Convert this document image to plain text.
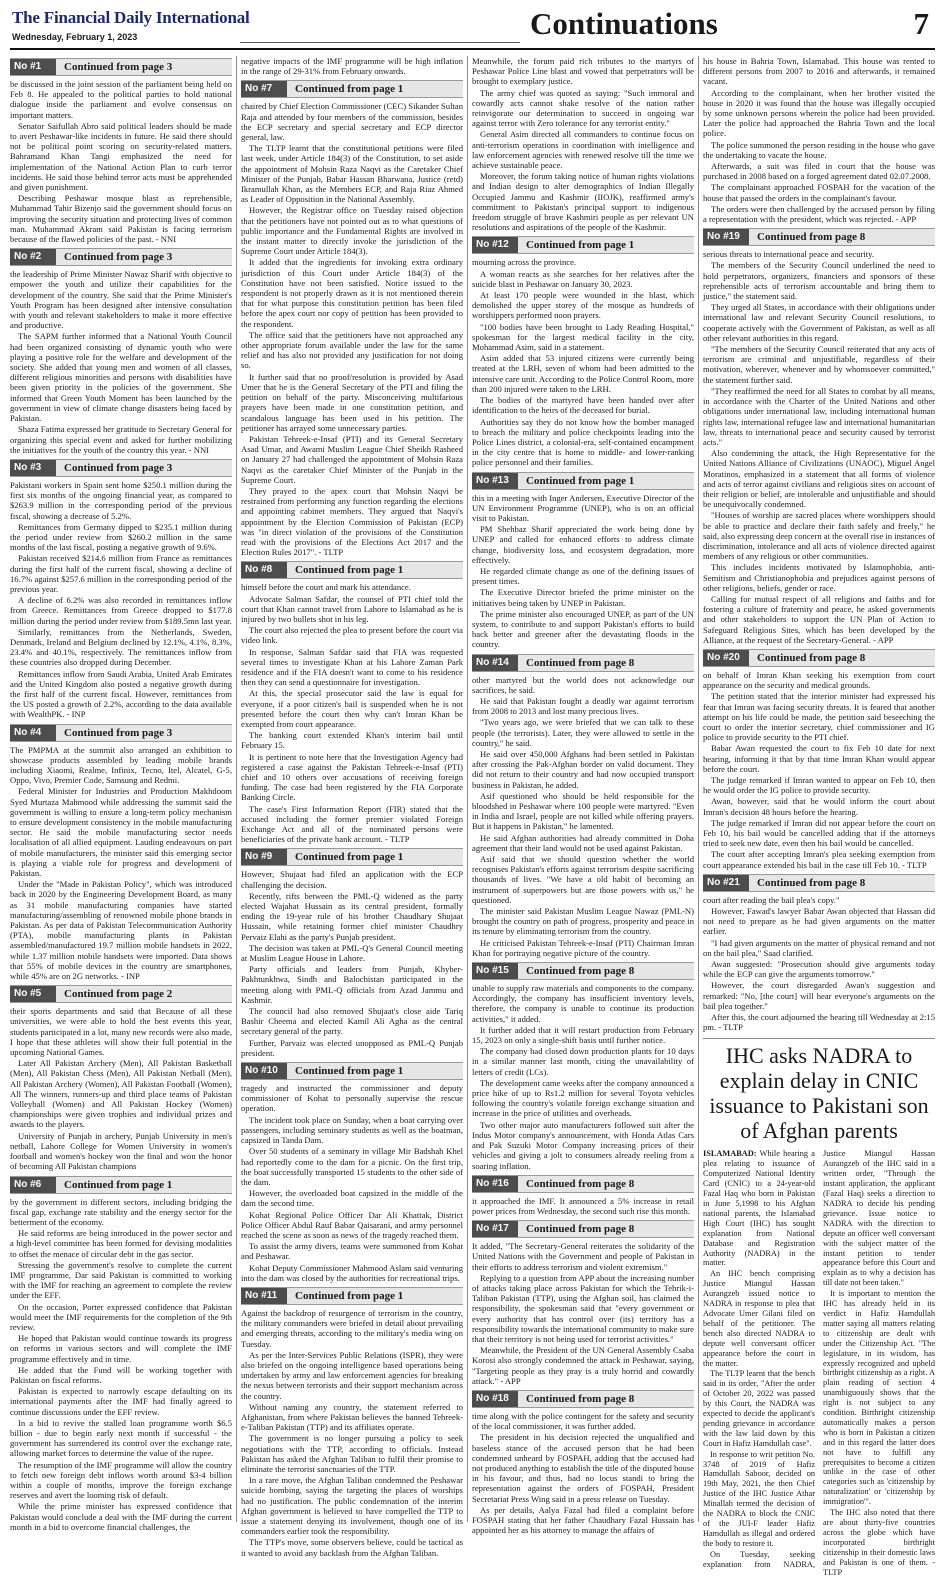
The Financial Daily International
Wednesday, February 1, 2023	Continuations	7
No #1	Continued from page 3

be discussed in the joint session of the parliament being held on Feb 8. He appealed to the political parties to hold national dialogue inside the parliament and evolve consensus on important matters.

Senator Saifullah Abro said political leaders should be made to avert Peshawar-like incidents in future. He said there should not be political point scoring on security-related matters. Bahramand Khan Tangi emphasized the need for implementation of the National Action Plan to curb terror incidents. He said those behind terror acts must be apprehended and given punishment.

Describing Peshawar mosque blast as reprehensible, Muhammad Tahir Bizenjo said the government should focus on improving the security situation and protecting lives of common man. Muhammad Akram said Pakistan is facing terrorism because of the flawed policies of the past. - NNI

No #2	Continued from page 3

the leadership of Prime Minister Nawaz Sharif with objective to empower the youth and utilize their capabilities for the development of the country. She said that the Prime Minister's Youth Program has been designed after intensive consultation with youth and relevant stakeholders to make it more effective and productive.

The SAPM further informed that a National Youth Council had been organized consisting of dynamic youth who were playing a positive role for the welfare and development of the society. She added that young men and women of all classes, different religious minorities and persons with disabilities have been given priority in the policies of the government. She informed that Green Youth Moment has been launched by the government in view of climate change disasters being faced by Pakistan.

Shaza Fatima expressed her gratitude to Secretary General for organizing this special event and asked for further mobilizing the initiatives for the youth of the country this year. - NNI

No #3	Continued from page 3

Pakistani workers in Spain sent home $250.1 million during the first six months of the ongoing financial year, as compared to $263.9 million in the corresponding period of the previous fiscal, showing a decrease of 5.2%.

Remittances from Germany dipped to $235.1 million during the period under review from $260.2 million in the same months of the last fiscal, posting a negative growth of 9.6%.

Pakistan received $214.6 million from France as remittances during the first half of the current fiscal, showing a decline of 16.7% against $257.6 million in the corresponding period of the previous year.

A decline of 6.2% was also recorded in remittances inflow from Greece. Remittances from Greece dropped to $177.8 million during the period under review from $189.5mn last year.

Similarly, remittances from the Netherlands, Sweden, Denmark, Ireland and Belgium declined by 12.1%, 4.1%, 8.3%, 23.4% and 40.1%, respectively. The remittances inflow from these countries also dropped during December.

Remittances inflow from Saudi Arabia, United Arab Emirates and the United Kingdom also posted a negative growth during the first half of the current fiscal. However, remittances from the US posted a growth of 2.2%, according to the data available with WealthPK. - INP

No #4	Continued from page 3

The PMPMA at the summit also arranged an exhibition to showcase products assembled by leading mobile brands including Xiaomi, Realme, Infinix, Tecno, Itel, Alcatel, G-5, Oppo, Vivo, Premier Code, Samsung and Redmi.

Federal Minister for Industries and Production Makhdoom Syed Murtaza Mahmood while addressing the summit said the government is willing to ensure a long-term policy mechanism to ensure development consistency in the mobile manufacturing sector. He said the mobile manufacturing sector needs localisation of all allied equipment. Lauding endeavours on part of mobile manufacturers, the minister said this emerging sector is playing a viable role for progress and development of Pakistan.

Under the "Made in Pakistan Policy", which was introduced back in 2020 by the Engineering Development Board, as many as 31 mobile manufacturing companies have started manufacturing/assembling of renowned mobile phone brands in Pakistan. As per data of Pakistan Telecommunication Authority (PTA), mobile manufacturing plants in Pakistan assembled/manufactured 19.7 million mobile handsets in 2022, while 1.37 million mobile handsets were imported. Data shows that 55% of mobile devices in the country are smartphones, while 45% are on 2G networks. - INP

No #5	Continued from page 2

their sports departments and said that Because of all these universities, we were able to hold the best events this year, students participated in a lot, many new records were also made, I hope that these athletes will show their full potential in the upcoming National Games.

Later All Pakistan Archery (Men), All Pakistan Basketball (Men), All Pakistan Chess (Men), All Pakistan Netball (Men), All Pakistan Archery (Women), All Pakistan Football (Women), All The winners, runners-up and third place teams of Pakistan Volleyball (Women) and All Pakistan Hockey (Women) championships were given trophies and individual prizes and awards to the players.

University of Punjab in archery, Punjab University in men's netball, Lahore College for Women University in women's football and women's hockey won the final and won the honor of becoming All Pakistan champions

No #6	Continued from page 1

by the government in different sectors, including bridging the fiscal gap, exchange rate stability and the energy sector for the betterment of the economy.

He said reforms are being introduced in the power sector and a high-level committee has been formed for devising modalities to offset the menace of circular debt in the gas sector.

Stressing the government's resolve to complete the current IMF programme, Dar said Pakistan is committed to working with the IMF for reaching an agreement to complete the review under the EFF.

On the occasion, Porter expressed confidence that Pakistan would meet the IMF requirements for the completion of the 9th review.

He hoped that Pakistan would continue towards its progress on reforms in various sectors and will complete the IMF programme effectively and in time.

He added that the Fund will be working together with Pakistan on fiscal reforms.

Pakistan is expected to narrowly escape defaulting on its international payments after the IMF had finally agreed to continue discussions under the EFF review.

In a bid to revive the stalled loan programme worth $6.5 billion - due to begin early next month if successful - the government has surrendered its control over the exchange rate, allowing market forces to determine the value of the rupee.

The resumption of the IMF programme will allow the country to fetch new foreign debt inflows worth around $3-4 billion within a couple of months, improve the foreign exchange reserves and avert the looming risk of default.

While the prime minister has expressed confidence that Pakistan would conclude a deal with the IMF during the current month in a bid to overcome financial challenges, the

negative impacts of the IMF programme will be high inflation in the range of 29-31% from February onwards.

No #7	Continued from page 1

chaired by Chief Election Commissioner (CEC) Sikander Sultan Raja and attended by four members of the commission, besides the ECP secretary and special secretary and ECP director general, law.

The TLTP learnt that the constitutional petitions were filed last week, under Article 184(3) of the Constitution, to set aside the appointment of Mohsin Raza Naqvi as the Caretaker Chief Minister of the Punjab, Babar Hassan Bharwana, Justice (retd) Ikramullah Khan, as the Members ECP, and Raja Riaz Ahmed as Leader of Opposition in the National Assembly.

However, the Registrar office on Tuesday raised objection that the petitioners have not pointed out as to what questions of public importance and the Fundamental Rights are involved in the instant matter to directly invoke the jurisdiction of the Supreme Court under Article 184(3).

It added that the ingredients for invoking extra ordinary jurisdiction of this Court under Article 184(3) of the Constitution have not been satisfied. Notice issued to the respondent is not properly drawn as it is not mentioned therein that for what purpose this constitution petition has been filed before the apex court nor copy of petition has been provided to the respondent.

The office said that the petitioners have not approached any other appropriate forum available under the law for the same relief and has also not provided any justification for not doing so.

It further said that no proof/resolution is provided by Asad Umer that he is the General Secretary of the PTI and filing the petition on behalf of the party. Misconceiving multifarious prayers have been made in one constitution petition, and scandalous language has been used in his petition. The petitioner has arrayed some unnecessary parties.

Pakistan Tehreek-e-Insaf (PTI) and its General Secretary Asad Umar, and Awami Muslim League Chief Sheikh Rasheed on January 27 had challenged the appointment of Mohsin Raza Naqvi as the caretaker Chief Minister of the Punjab in the Supreme Court.

They prayed to the apex court that Mohsin Naqvi be restrained from performing any function regarding the elections and appointing cabinet members. They argued that Naqvi's appointment by the Election Commission of Pakistan (ECP) was "in direct violation of the provisions of the Constitution read with the provisions of the Elections Act 2017 and the Election Rules 2017". - TLTP

No #8	Continued from page 1

himself before the court and mark his attendance.

Advocate Salman Safdar, the counsel of PTI chief told the court that Khan cannot travel from Lahore to Islamabad as he is injured by two bullets shot in his leg.

The court also rejected the plea to present before the court via video link.

In response, Salman Safdar said that FIA was requested several times to investigate Khan at his Lahore Zaman Park residence and if the FIA doesn't want to come to his residence then they can send a questionnaire for investigation.

At this, the special prosecutor said the law is equal for everyone, if a poor citizen's bail is suspended when he is not presented before the court then why can't Imran Khan be exempted from court appearance.

The banking court extended Khan's interim bail until February 15.

It is pertinent to note here that the Investigation Agency had registered a case against the Pakistan Tehreek-e-Insaf (PTI) chief and 10 others over accusations of receiving foreign funding. The case had been registered by the FIA Corporate Banking Circle.

The case's First Information Report (FIR) stated that the accused including the former premier violated Foreign Exchange Act and all of the nominated persons were beneficiaries of the private bank account. - TLTP

No #9	Continued from page 1

However, Shujaat had filed an application with the ECP challenging the decision.

Recently, rifts between the PML-Q widened as the party elected Wajahat Hussain as its central president, formally ending the 19-year rule of his brother Chaudhary Shujaat Hussain, while retaining former chief minister Chaudhry Pervaiz Elahi as the party's Punjab president.

The decision was taken at PML-Q's General Council meeting at Muslim League House in Lahore.

Party officials and leaders from Punjab, Khyber-Pakhtunkhwa, Sindh and Balochistan participated in the meeting along with PML-Q officials from Azad Jammu and Kashmir.

The council had also removed Shujaat's close aide Tariq Bashir Cheema and elected Kamil Ali Agha as the central secretary general of the party.

Further, Parvaiz was elected unopposed as PML-Q Punjab president.

No #10	Continued from page 1

tragedy and instructed the commissioner and deputy commissioner of Kohat to personally supervise the rescue operation.

The incident took place on Sunday, when a boat carrying over passengers, including seminary students as well as the boatman, capsized in Tanda Dam.

Over 50 students of a seminary in village Mir Badshah Khel had reportedly come to the dam for a picnic. On the first trip, the boat successfully transported 15 students to the other side of the dam.

However, the overloaded boat capsized in the middle of the dam the second time.

Kohat Regional Police Officer Dar Ali Khattak, District Police Officer Abdul Rauf Babar Qaisarani, and army personnel reached the scene as soon as news of the tragedy reached them.

To assist the army divers, teams were summoned from Kohat and Peshawar.

Kohat Deputy Commissioner Mahmood Aslam said venturing into the dam was closed by the authorities for recreational trips.

No #11	Continued from page 1

Against the backdrop of resurgence of terrorism in the country, the military commanders were briefed in detail about prevailing and emerging threats, according to the military's media wing on Tuesday.

As per the Inter-Services Public Relations (ISPR), they were also briefed on the ongoing intelligence based operations being undertaken by army and law enforcement agencies for breaking the nexus between terrorists and their support mechanism across the country.

Without naming any country, the statement referred to Afghanistan, from where Pakistan believes the banned Tehreek-e-Taliban Pakistan (TTP) and its affiliates operate.

The government is no longer pursuing a policy to seek negotiations with the TTP, according to officials. Instead Pakistan has asked the Afghan Taliban to fulfil their promise to eliminate the terrorist sanctuaries of the TTP.

In a rare move, the Afghan Taliban condemned the Peshawar suicide bombing, saying the targeting the places of worships had no justification. The public condemnation of the interim Afghan government is believed to have compelled the TTP to issue a statement denying its involvement, though one of its commanders earlier took the responsibility.

The TTP's move, some observers believe, could be tactical as it wanted to avoid any backlash from the Afghan Taliban.

Meanwhile, the forum paid rich tributes to the martyrs of Peshawar Police Line blast and vowed that perpetrators will be brought to exemplary justice.

The army chief was quoted as saying: "Such immoral and cowardly acts cannot shake resolve of the nation rather reinvigorate our determination to succeed in ongoing war against terror with Zero tolerance for any terrorist entity."

General Asim directed all commanders to continue focus on anti-terrorism operations in coordination with intelligence and law enforcement agencies with renewed resolve till the time we achieve sustainable peace.

Moreover, the forum taking notice of human rights violations and Indian design to alter demographics of Indian Illegally Occupied Jammu and Kashmir (IIOJK), reaffirmed army's commitment to Pakistan's principal support to indigenous freedom struggle of brave Kashmiri people as per relevant UN resolutions and aspirations of the people of the Kashmir.

No #12	Continued from page 1

mourning across the province.

A woman reacts as she searches for her relatives after the suicide blast in Peshawar on January 30, 2023.

At least 170 people were wounded in the blast, which demolished the upper storey of the mosque as hundreds of worshippers performed noon prayers.

"100 bodies have been brought to Lady Reading Hospital," spokesman for the largest medical facility in the city, Mohammad Asim, said in a statement.

Asim added that 53 injured citizens were currently being treated at the LRH, seven of whom had been admitted to the intensive care unit. According to the Police Control Room, more than 200 injured were taken to the LRH.

The bodies of the martyred have been handed over after identification to the heirs of the deceased for burial.

Authorities say they do not know how the bomber managed to breach the military and police checkpoints leading into the Police Lines district, a colonial-era, self-contained encampment in the city centre that is home to middle- and lower-ranking police personnel and their families.

No #13	Continued from page 1

this in a meeting with Inger Andersen, Executive Director of the UN Environment Programme (UNEP), who is on an official visit to Pakistan.

PM Shehbaz Sharif appreciated the work being done by UNEP and called for enhanced efforts to address climate change, biodiversity loss, and ecosystem degradation, more effectively.

He regarded climate change as one of the defining issues of present times.

The Executive Director briefed the prime minister on the initiatives being taken by UNEP in Pakistan.

The prime minister also encouraged UNEP, as part of the UN system, to contribute to and support Pakistan's efforts to build back better and greener after the devastating floods in the country.

No #14	Continued from page 8

other martyred but the world does not acknowledge our sacrifices, he said.

He said that Pakistan fought a deadly war against terrorism from 2008 to 2013 and lost many precious lives.

"Two years ago, we were briefed that we can talk to these people (the terrorists). Later, they were allowed to settle in the country," he said.

He said over 450,000 Afghans had been settled in Pakistan after crossing the Pak-Afghan border on valid document. They did not return to their country and had now occupied transport business in Pakistan, he added.

Asif questioned who should be held responsible for the bloodshed in Peshawar where 100 people were martyred. "Even in India and Israel, people are not killed while offering prayers. But it happens in Pakistan," he lamented.

He said Afghan authorities had already committed in Doha agreement that their land would not be used against Pakistan.

Asif said that we should question whether the world recognises Pakistan's efforts against terrorism despite sacrificing thousands of lives. "We have a old habit of becoming an instrument of superpowers but are those powers with us," he questioned.

The minister said Pakistan Muslim League Nawaz (PML-N) brought the country on path of progress, prosperity and peace in its tenure by eliminating terrorism from the country.

He criticised Pakistan Tehreek-e-Insaf (PTI) Chairman Imran Khan for portraying negative picture of the country.

No #15	Continued from page 8

unable to supply raw materials and components to the company. Accordingly, the company has insufficient inventory levels, therefore, the company is unable to continue its production activities," it added.

It further added that it will restart production from February 15, 2023 on only a single-shift basis until further notice.

The company had closed down production plants for 10 days in a similar manner last month, citing the unavailability of letters of credit (LCs).

The development came weeks after the company announced a price hike of up to Rs1.2 million for several Toyota vehicles following the country's volatile foreign exchange situation and increase in the price of utilities and overheads.

Two other major auto manufacturers followed suit after the Indus Motor company's announcement, with Honda Atlas Cars and Pak Suzuki Motor Company increasing prices of their vehicles and giving a jolt to consumers already reeling from a soaring inflation.

No #16	Continued from page 8

it approached the IMF. It announced a 5% increase in retail power prices from Wednesday, the second such rise this month.

No #17	Continued from page 8

It added, "The Secretary-General reiterates the solidarity of the United Nations with the Government and people of Pakistan in their efforts to address terrorism and violent extremism."

Replying to a question from APP about the increasing number of attacks taking place across Pakistan for which the Tehrik-i-Taliban Pakistan (TTP), using the Afghan soil, has claimed the responsibility, the spokesman said that "every government or every authority that has control over (its) territory has a responsibility towards the international community to make sure that their territory is not being used for terrorist activities."

Meanwhile, the President of the UN General Assembly Csaba Korosi also strongly condemned the attack in Peshawar, saying, "Targeting people as they pray is a truly horrid and cowardly attack." - APP

No #18	Continued from page 8

time along with the police contingent for the safety and security of the local commissioner, it was further added.

The president in his decision rejected the unqualified and baseless stance of the accused person that he had been condemned unheard by FOSPAH, adding that the accused had not produced anything to establish the title of the disputed house in his favour, and thus, had no locus standi to bring the representation against the orders of FOSPAH, President Secretariat Press Wing said in a press release on Tuesday.

As per details, Aalya Fazal had filed a complaint before FOSPAH stating that her father Chaudhary Fazal Hussain has appointed her as his attorney to manage the affairs of

his house in Bahria Town, Islamabad. This house was rented to different persons from 2007 to 2016 and afterwards, it remained vacant.

According to the complainant, when her brother visited the house in 2020 it was found that the house was illegally occupied by some unknown persons wherein the police had been provided. Later the police had approached the Bahria Town and the local police.

The police summoned the person residing in the house who gave the undertaking to vacate the house.

Afterwards, a suit was filed in court that the house was purchased in 2008 based on a forged agreement dated 02.07.2008.

The complainant approached FOSPAH for the vacation of the house that passed the orders in the complainant's favour.

The orders were then challenged by the accused person by filing a representation with the president, which was rejected. - APP

No #19	Continued from page 8

serious threats to international peace and security.

The members of the Security Council underlined the need to hold perpetrators, organizers, financiers and sponsors of these reprehensible acts of terrorism accountable and bring them to justice," the statement said.

They urged all States, in accordance with their obligations under international law and relevant Security Council resolutions, to cooperate actively with the Government of Pakistan, as well as all other relevant authorities in this regard.

"The members of the Security Council reiterated that any acts of terrorism are criminal and unjustifiable, regardless of their motivation, wherever, whenever and by whomsoever committed," the statement further said.

"They reaffirmed the need for all States to combat by all means, in accordance with the Charter of the United Nations and other obligations under international law, including international human rights law, international refugee law and international humanitarian law, threats to international peace and security caused by terrorist acts."

Also condemning the attack, the High Representative for the United Nations Alliance of Civilizations (UNAOC), Miguel Angel Moratinos, emphasized in a statement that all forms of violence and acts of terror against civilians and religious sites on account of their religion or belief, are intolerable and unjustifiable and should be unequivocally condemned.

"Houses of worship are sacred places where worshippers should be able to practice and declare their faith safely and freely," he said, also expressing deep concern at the overall rise in instances of discrimination, intolerance and all acts of violence directed against members of any religious or other communities.

This includes incidents motivated by Islamophobia, anti-Semitism and Christianophobia and prejudices against persons of other religions, beliefs, gender or race.

Calling for mutual respect of all religions and faiths and for fostering a culture of fraternity and peace, he asked governments and other stakeholders to support the UN Plan of Action to Safeguard Religious Sites, which has been developed by the Alliance, at the request of the Secretary-General. - APP

No #20	Continued from page 8

on behalf of Imran Khan seeking his exemption from court appearance on the security and medical grounds.

The petition stated that the interior minister had expressed his fear that Imran was facing security threats. It is feared that another attempt on his life could be made, the petition said beseeching the court to order the interior secretary, chief commissioner and IG police to provide security to the PTI chief.

Babar Awan requested the court to fix Feb 10 date for next hearing, informing it that by that time Imran Khan would appear before the court.

The judge remarked if Imran wanted to appear on Feb 10, then he would order the IG police to provide security.

Awan, however, said that he would inform the court about Imran's decision 48 hours before the hearing.

The judge remarked if Imran did not appear before the court on Feb 10, his bail would be cancelled adding that if the attorneys tried to seek new date, even then his bail would be cancelled.

The court after accepting Imran's plea seeking exemption from court appearance extended his bail in the case till Feb 10. - TLTP

No #21	Continued from page 8

court after reading the bail plea's copy."

However, Fawad's lawyer Babar Awan objected that Hassan did not need to prepare as he had given arguments on the matter earlier.

"I had given arguments on the matter of physical remand and not on the bail plea," Saad clarified.

Awan suggested: "Prosecution should give arguments today while the ECP can give the arguments tomorrow."

However, the court disregarded Awan's suggestion and remarked: "No, [the court] will hear everyone's arguments on the bail plea together."

After this, the court adjourned the hearing till Wednesday at 2:15 pm. - TLTP

IHC asks NADRA to explain delay in CNIC issuance to Pakistani son of Afghan parents

ISLAMABAD: While hearing a plea relating to issuance of Computerized National Identity Card (CNIC) to a 24-year-old Fazal Haq who born in Pakistan in June 5,1998 to his Afghan national parents, the Islamabad High Court (IHC) has sought explanation from National Database and Registration Authority (NADRA) in the matter.

An IHC bench comprising Justice Miangul Hassan Aurangzeb issued notice to NADRA in response to plea that Advocate Umer Gilani filed on behalf of the petitioner. The bench also directed NADRA to depute well conversant officer appearance before the court in the matter.

The TLTP learnt that the bench said in its order, "After the order of October 20, 2022 was passed by this Court, the NADRA was expected to decide the applicant's pending grievance in accordance with the law laid down by this Court in Hafiz Hamdullah case".

In response to writ petition No. 3748 of 2019 of Hafiz Hamdullah Saboor, decided on 19th May, 2021, the then Chief Justice of the IHC Justice Athar Minallah termed the decision of the NADRA to block the CNIC of the JUI-F leader Hafiz Hamdullah as illegal and ordered the body to restore it.

On Tuesday, seeking explanation from NADRA, Justice Miangul Hassan Aurangzeb of the IHC said in a written order, "Through the instant application, the applicant (Fazal Haq) seeks a direction to NADRA to decide his pending grievance. Issue notice to NADRA with the direction to depute an officer well conversant with the subject matter of the instant petition to tender appearance before this Court and explain as to why a decision has till date not been taken."

It is important to mention the IHC has already held in its verdict in Hafiz Hamdullah matter saying all matters relating to citizenship are dealt with under the Citizenship Act. "The legislature, in its wisdom, has expressly recognized and upheld birthright citizenship as a right. A plain reading of section 4 unambiguously shows that the right is not subject to any condition. Birthright citizenship automatically makes a person who is born in Pakistan a citizen and in this regard the latter does not have to fulfill any prerequisites to become a citizen unlike in the case of other categories such as 'citizenship by naturalization' or 'citizenship by immigration'".

The IHC also noted that there are about thirty-five countries across the globe which have incorporated birthright citizenship in their domestic laws and Pakistan is one of them. - TLTP
